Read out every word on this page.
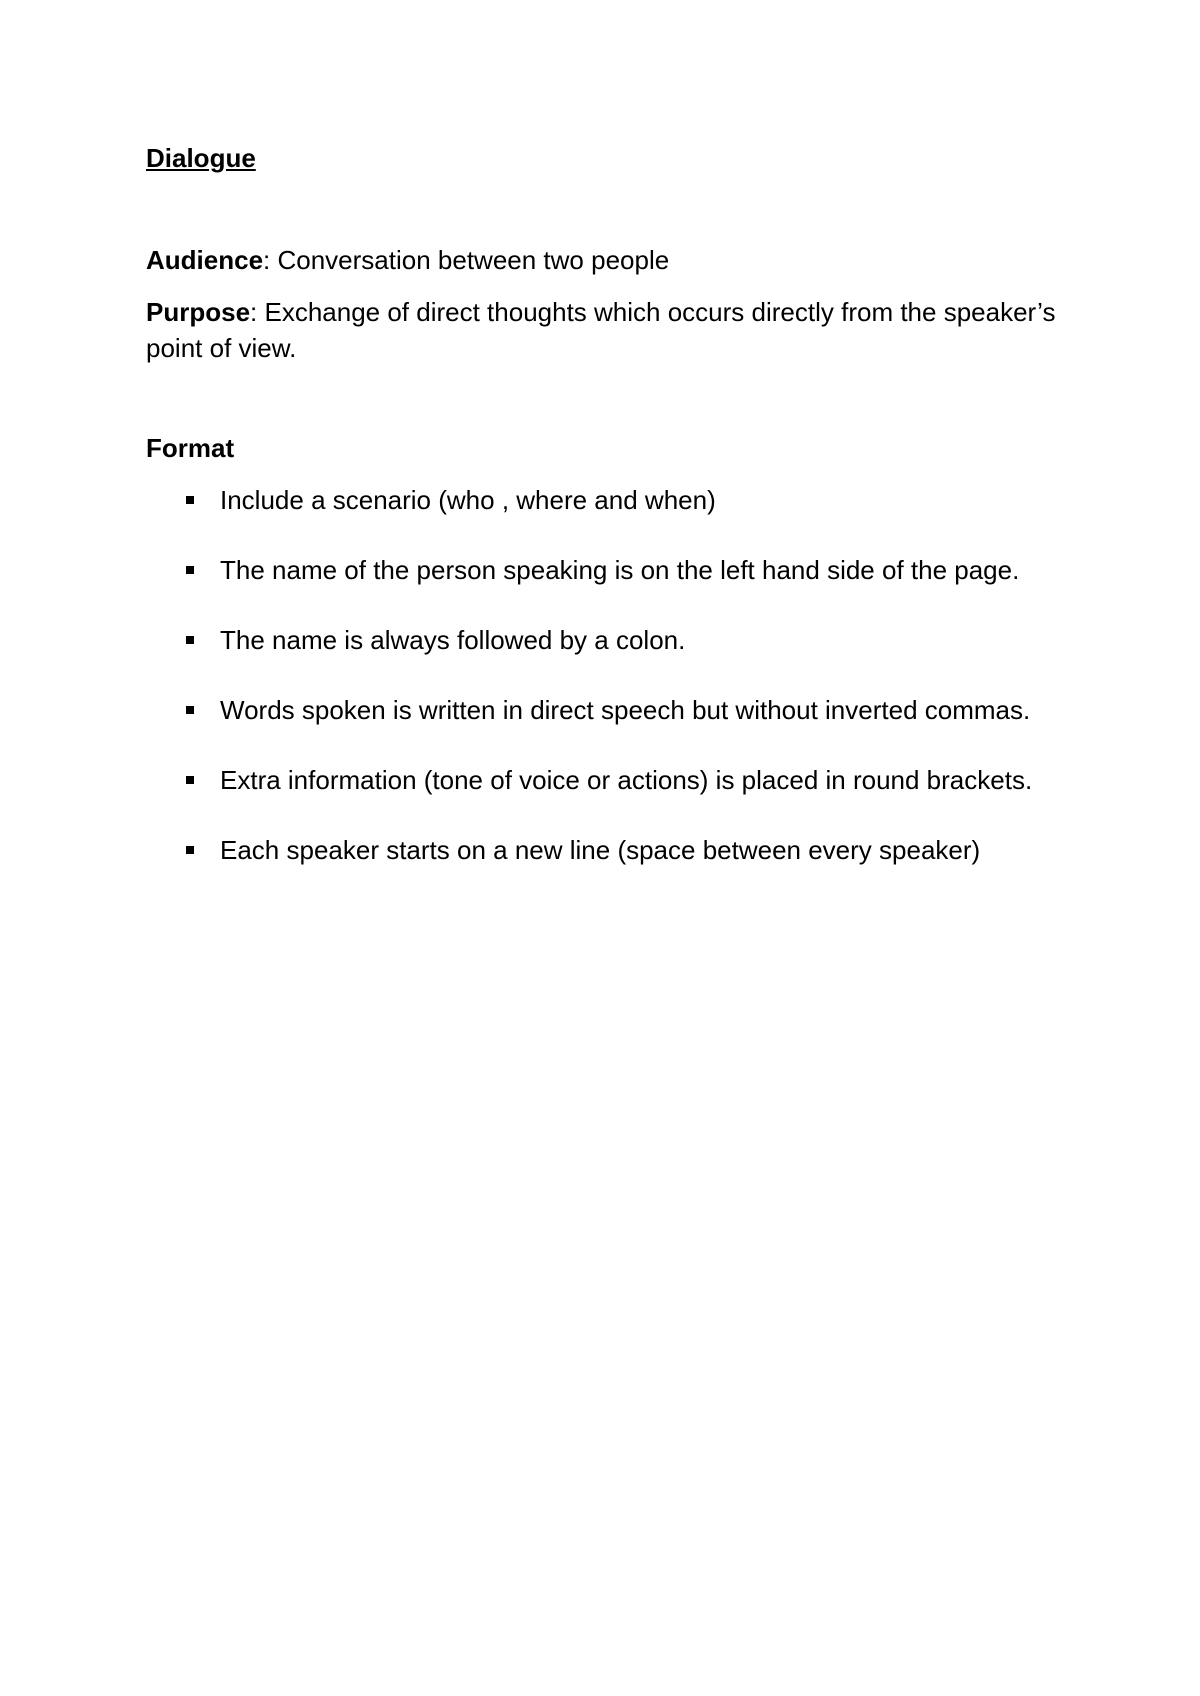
Dialogue

Audience: Conversation between two people

Purpose: Exchange of direct thoughts which occurs directly from the speaker’s point of view.

Format

Include a scenario (who , where and when)
The name of the person speaking is on the left hand side of the page.
The name is always followed by a colon.
Words spoken is written in direct speech but without inverted commas.
Extra information (tone of voice or actions) is placed in round brackets.
Each speaker starts on a new line (space between every speaker)
